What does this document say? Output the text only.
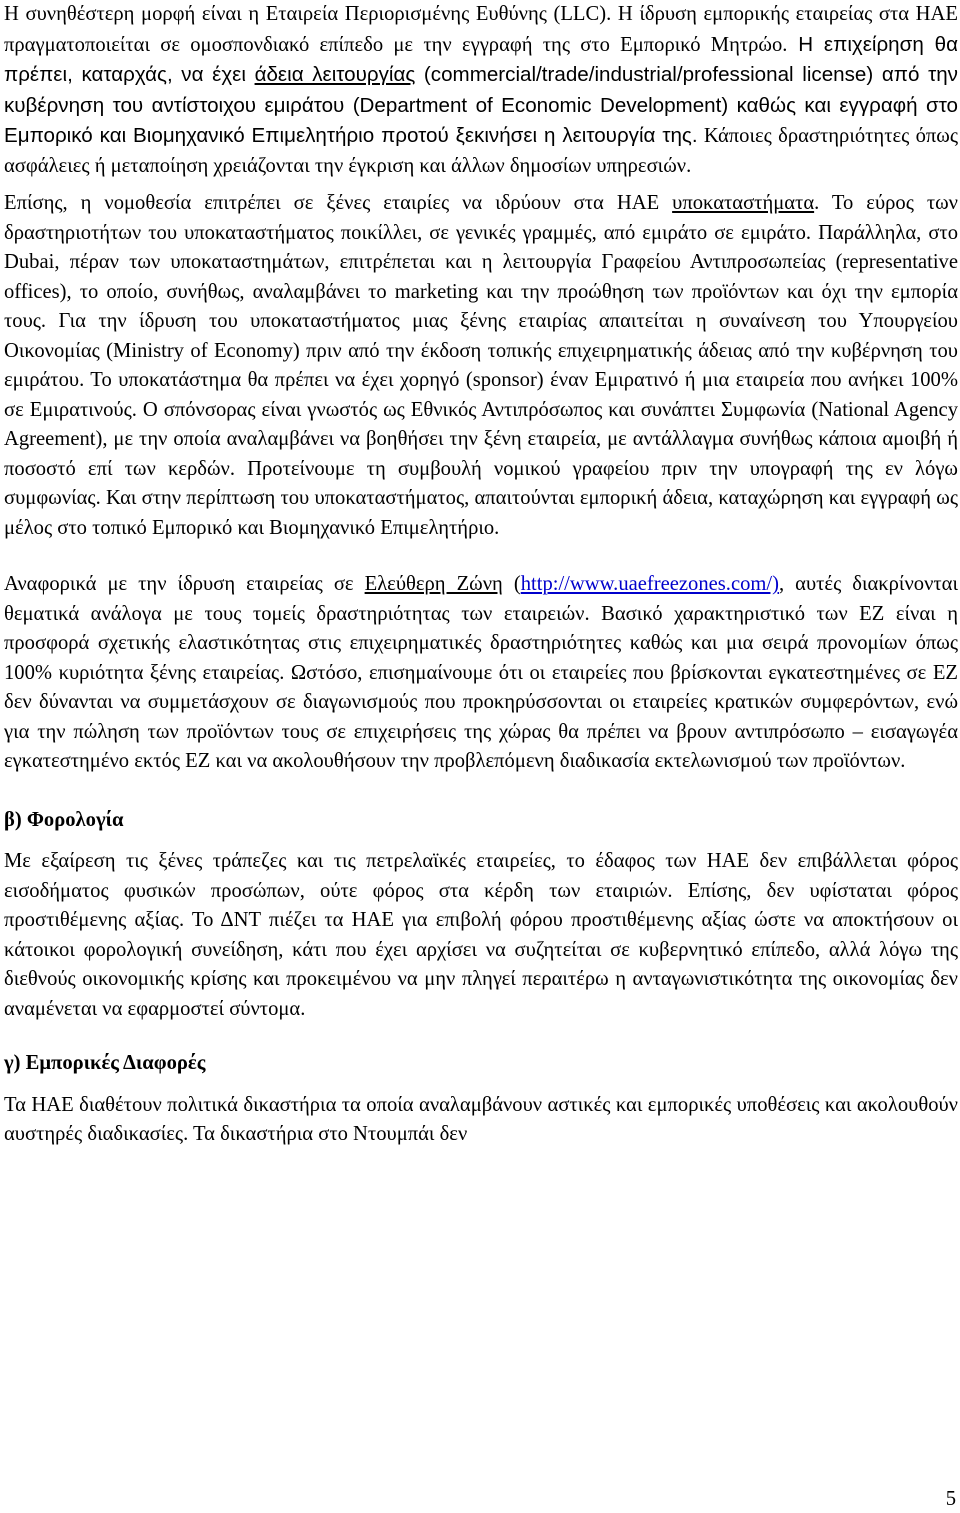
Η συνηθέστερη μορφή είναι η Εταιρεία Περιορισμένης Ευθύνης (LLC). Η ίδρυση εμπορικής εταιρείας στα ΗΑΕ πραγματοποιείται σε ομοσπονδιακό επίπεδο με την εγγραφή της στο Εμπορικό Μητρώο. Η επιχείρηση θα πρέπει, καταρχάς, να έχει άδεια λειτουργίας (commercial/trade/industrial/professional license) από την κυβέρνηση του αντίστοιχου εμιράτου (Department of Economic Development) καθώς και εγγραφή στο Εμπορικό και Βιομηχανικό Επιμελητήριο προτού ξεκινήσει η λειτουργία της. Κάποιες δραστηριότητες όπως ασφάλειες ή μεταποίηση χρειάζονται την έγκριση και άλλων δημοσίων υπηρεσιών.

Επίσης, η νομοθεσία επιτρέπει σε ξένες εταιρίες να ιδρύουν στα ΗΑΕ υποκαταστήματα. Το εύρος των δραστηριοτήτων του υποκαταστήματος ποικίλλει, σε γενικές γραμμές, από εμιράτο σε εμιράτο. Παράλληλα, στο Dubai, πέραν των υποκαταστημάτων, επιτρέπεται και η λειτουργία Γραφείου Αντιπροσωπείας (representative offices), το οποίο, συνήθως, αναλαμβάνει το marketing και την προώθηση των προϊόντων και όχι την εμπορία τους. Για την ίδρυση του υποκαταστήματος μιας ξένης εταιρίας απαιτείται η συναίνεση του Υπουργείου Οικονομίας (Ministry of Economy) πριν από την έκδοση τοπικής επιχειρηματικής άδειας από την κυβέρνηση του εμιράτου. Το υποκατάστημα θα πρέπει να έχει χορηγό (sponsor) έναν Εμιρατινό ή μια εταιρεία που ανήκει 100% σε Εμιρατινούς. Ο σπόνσορας είναι γνωστός ως Εθνικός Αντιπρόσωπος και συνάπτει Συμφωνία (National Agency Agreement), με την οποία αναλαμβάνει να βοηθήσει την ξένη εταιρεία, με αντάλλαγμα συνήθως κάποια αμοιβή ή ποσοστό επί των κερδών. Προτείνουμε τη συμβουλή νομικού γραφείου πριν την υπογραφή της εν λόγω συμφωνίας. Και στην περίπτωση του υποκαταστήματος, απαιτούνται εμπορική άδεια, καταχώρηση και εγγραφή ως μέλος στο τοπικό Εμπορικό και Βιομηχανικό Επιμελητήριο.

Αναφορικά με την ίδρυση εταιρείας σε Ελεύθερη Ζώνη (http://www.uaefreezones.com/), αυτές διακρίνονται θεματικά ανάλογα με τους τομείς δραστηριότητας των εταιρειών. Βασικό χαρακτηριστικό των ΕΖ είναι η προσφορά σχετικής ελαστικότητας στις επιχειρηματικές δραστηριότητες καθώς και μια σειρά προνομίων όπως 100% κυριότητα ξένης εταιρείας. Ωστόσο, επισημαίνουμε ότι οι εταιρείες που βρίσκονται εγκατεστημένες σε ΕΖ δεν δύνανται να συμμετάσχουν σε διαγωνισμούς που προκηρύσσονται οι εταιρείες κρατικών συμφερόντων, ενώ για την πώληση των προϊόντων τους σε επιχειρήσεις της χώρας θα πρέπει να βρουν αντιπρόσωπο – εισαγωγέα εγκατεστημένο εκτός ΕΖ και να ακολουθήσουν την προβλεπόμενη διαδικασία εκτελωνισμού των προϊόντων.

β) Φορολογία

Με εξαίρεση τις ξένες τράπεζες και τις πετρελαϊκές εταιρείες, το έδαφος των ΗΑΕ δεν επιβάλλεται φόρος εισοδήματος φυσικών προσώπων, ούτε φόρος στα κέρδη των εταιριών. Επίσης, δεν υφίσταται φόρος προστιθέμενης αξίας. Το ΔΝΤ πιέζει τα ΗΑΕ για επιβολή φόρου προστιθέμενης αξίας ώστε να αποκτήσουν οι κάτοικοι φορολογική συνείδηση, κάτι που έχει αρχίσει να συζητείται σε κυβερνητικό επίπεδο, αλλά λόγω της διεθνούς οικονομικής κρίσης και προκειμένου να μην πληγεί περαιτέρω η ανταγωνιστικότητα της οικονομίας δεν αναμένεται να εφαρμοστεί σύντομα.

γ) Εμπορικές Διαφορές

Τα ΗΑΕ διαθέτουν πολιτικά δικαστήρια τα οποία αναλαμβάνουν αστικές και εμπορικές υποθέσεις και ακολουθούν αυστηρές διαδικασίες. Τα δικαστήρια στο Ντουμπάι δεν

5
